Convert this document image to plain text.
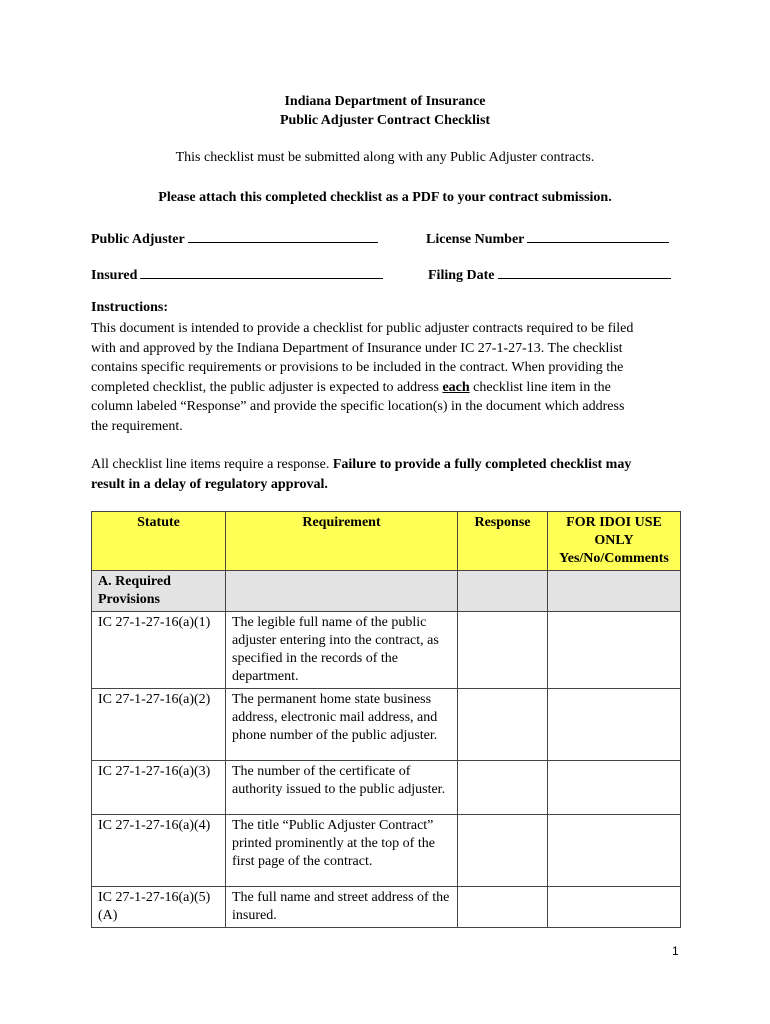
Indiana Department of Insurance
Public Adjuster Contract Checklist
This checklist must be submitted along with any Public Adjuster contracts.
Please attach this completed checklist as a PDF to your contract submission.
Public Adjuster	License Number
Insured	Filing Date
Instructions:
This document is intended to provide a checklist for public adjuster contracts required to be filed
with and approved by the Indiana Department of Insurance under IC 27-1-27-13. The checklist
contains specific requirements or provisions to be included in the contract. When providing the
completed checklist, the public adjuster is expected to address each checklist line item in the
column labeled “Response” and provide the specific location(s) in the document which address
the requirement.
All checklist line items require a response. Failure to provide a fully completed checklist may
result in a delay of regulatory approval.
Statute	Requirement	Response	FOR IDOI USE ONLY Yes/No/Comments
A. Required Provisions			
IC 27-1-27-16(a)(1)	The legible full name of the public adjuster entering into the contract, as specified in the records of the department.		
IC 27-1-27-16(a)(2)	The permanent home state business address, electronic mail address, and phone number of the public adjuster.		
IC 27-1-27-16(a)(3)	The number of the certificate of authority issued to the public adjuster.		
IC 27-1-27-16(a)(4)	The title “Public Adjuster Contract” printed prominently at the top of the first page of the contract.		
IC 27-1-27-16(a)(5)(A)	The full name and street address of the insured.		
1
